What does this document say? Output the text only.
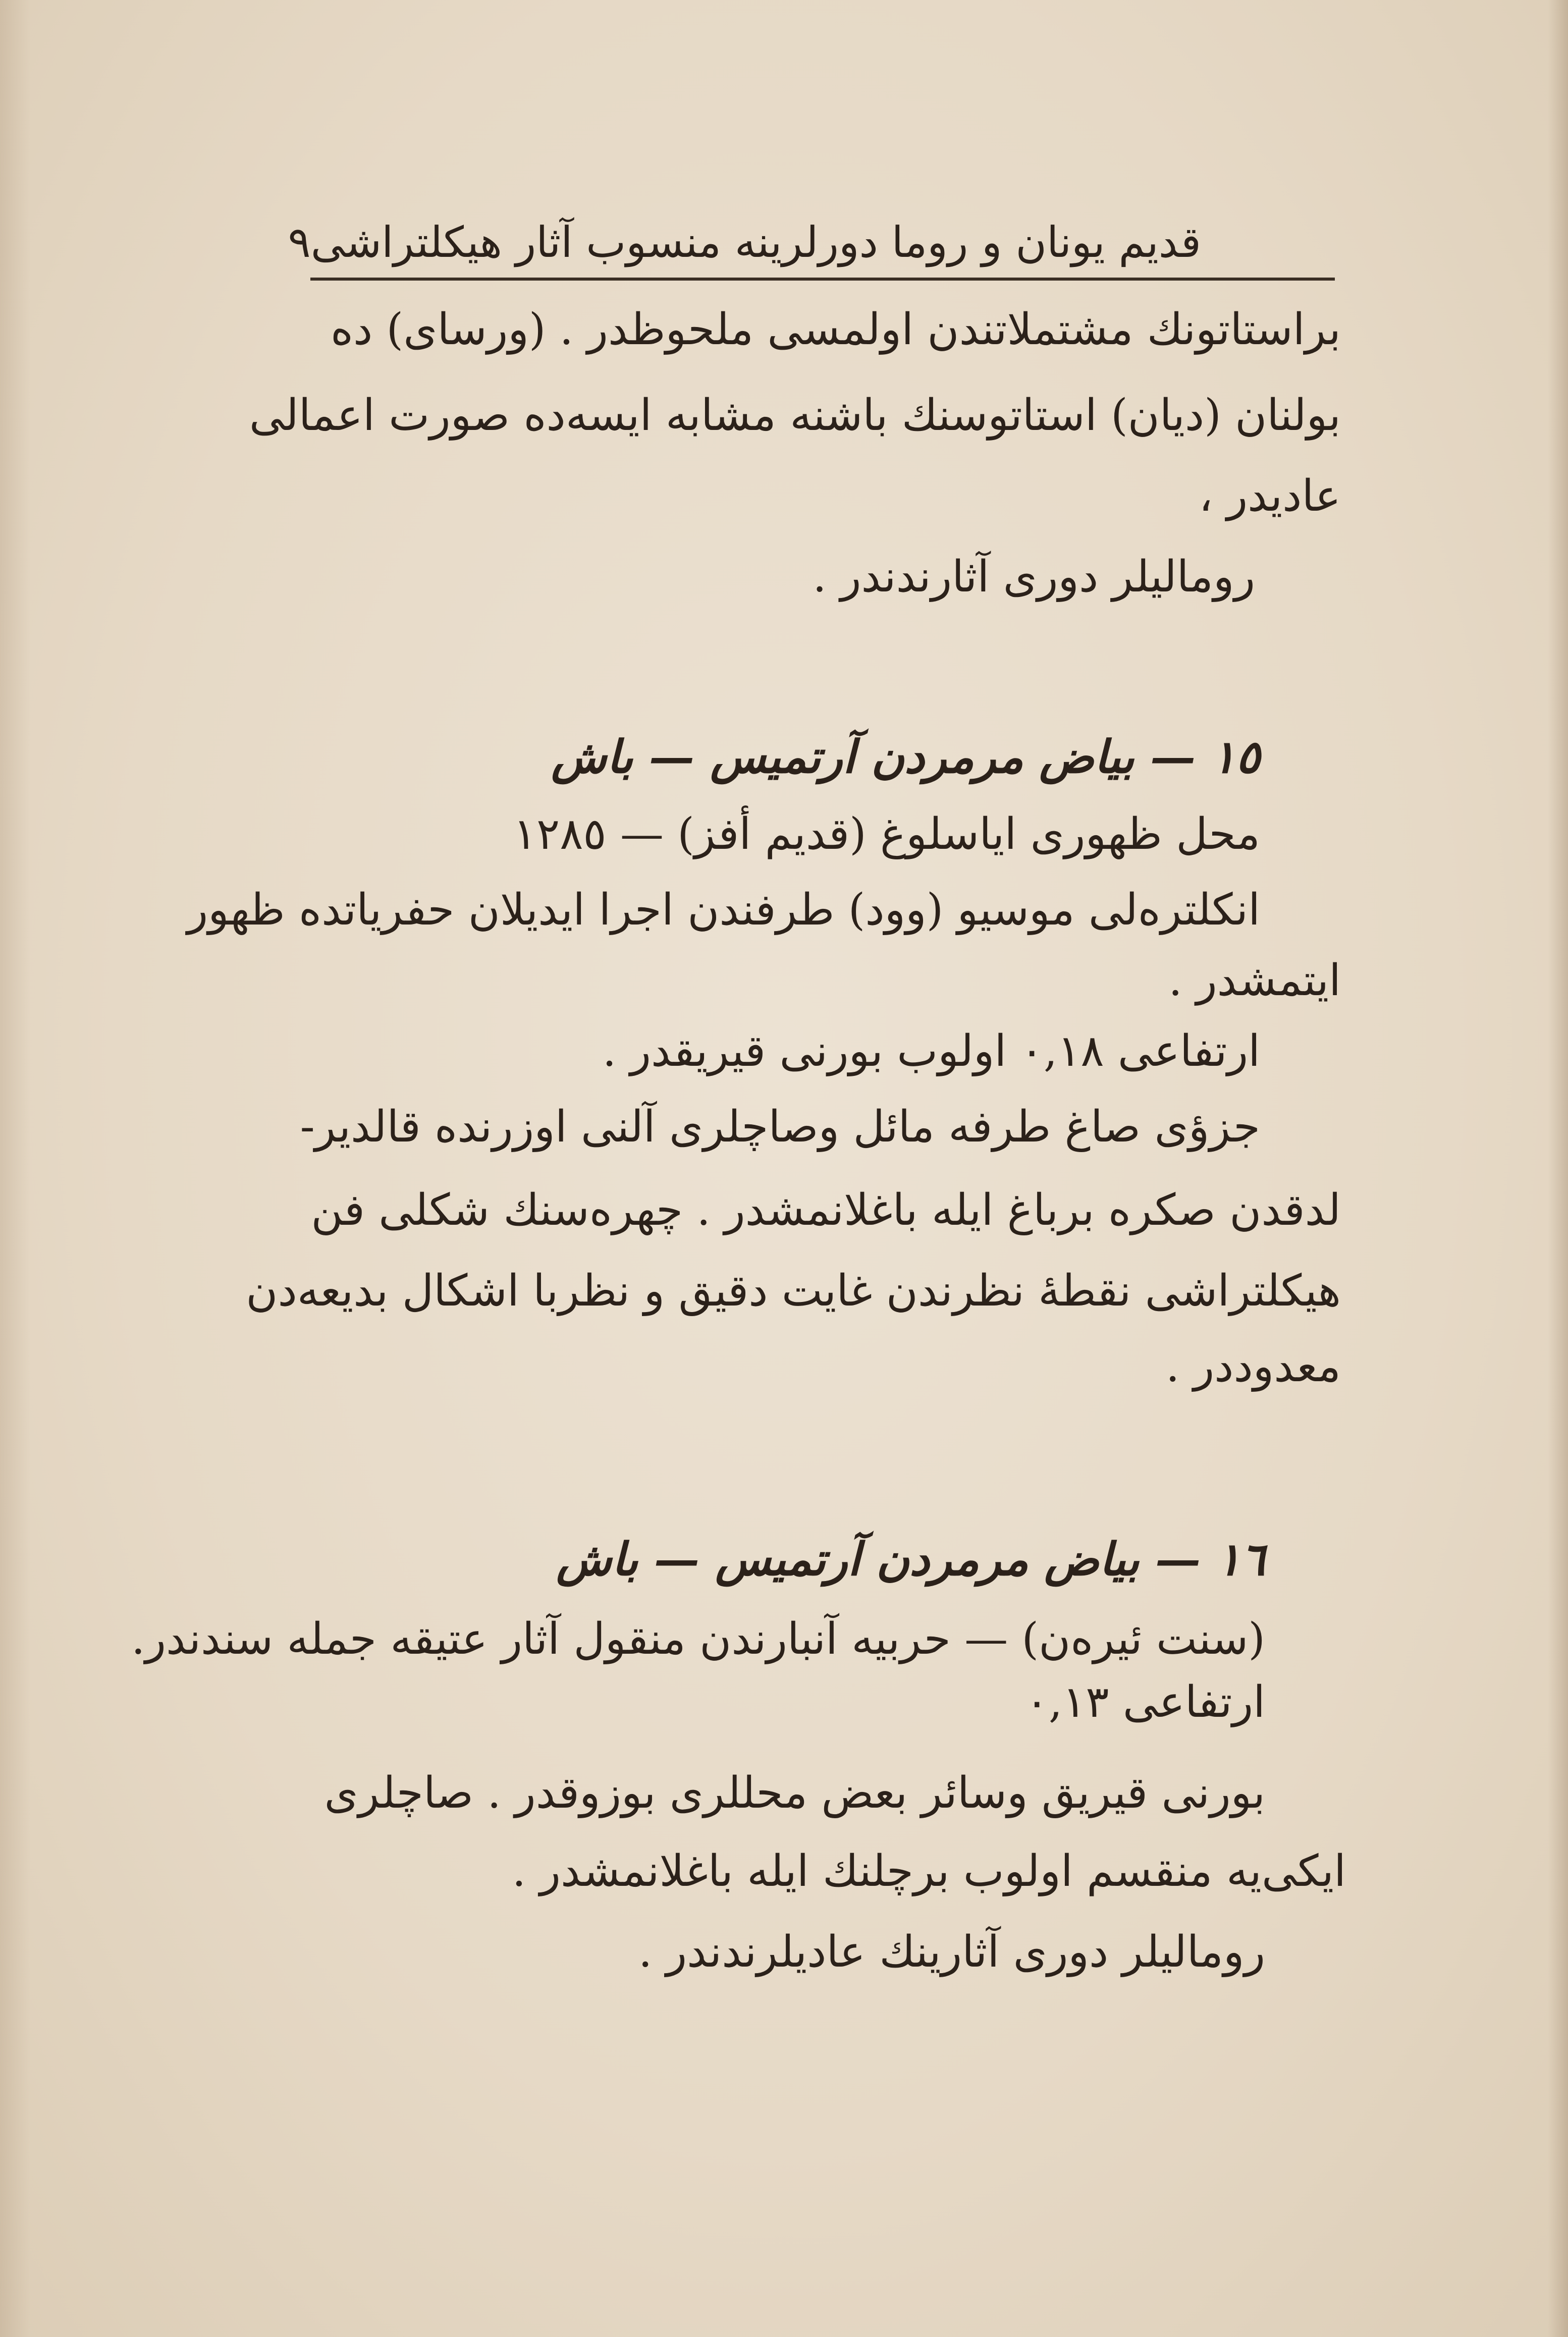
قديم يونان و روما دورلرينه منسوب آثار هيكلتراشى
٩
براستاتونك مشتملاتندن اولمسى ملحوظدر . (ورساى) ده
بولنان (ديان) استاتوسنك باشنه مشابه ايسه‌ده صورت اعمالى
عاديدر ،
روماليلر دورى آثارندندر .
١٥ — بياض مرمردن آرتميس — باش
محل ظهورى اياسلوغ (قديم أفز) — ١٢٨٥
انكلتره‌لى موسيو (وود) طرفندن اجرا ايديلان حفرياتده ظهور
ايتمشدر .
ارتفاعى ٠,١٨ اولوب بورنى قيريقدر .
جزؤى صاغ طرفه مائل وصاچلرى آلنى اوزرنده قالدير-
لدقدن صكره برباغ ايله باغلانمشدر . چهره‌سنك شكلى فن
هيكلتراشى نقطهٔ نظرندن غايت دقيق و نظربا اشكال بديعه‌دن
معدوددر .
١٦ — بياض مرمردن آرتميس — باش
(سنت ئيره‌ن) — حربيه آنبارندن منقول آثار عتيقه جمله سندندر.
ارتفاعى ٠,١٣
بورنى قيريق وسائر بعض محللرى بوزوقدر . صاچلرى
ايكى‌يه منقسم اولوب برچلنك ايله باغلانمشدر .
روماليلر دورى آثارينك عاديلرندندر .
